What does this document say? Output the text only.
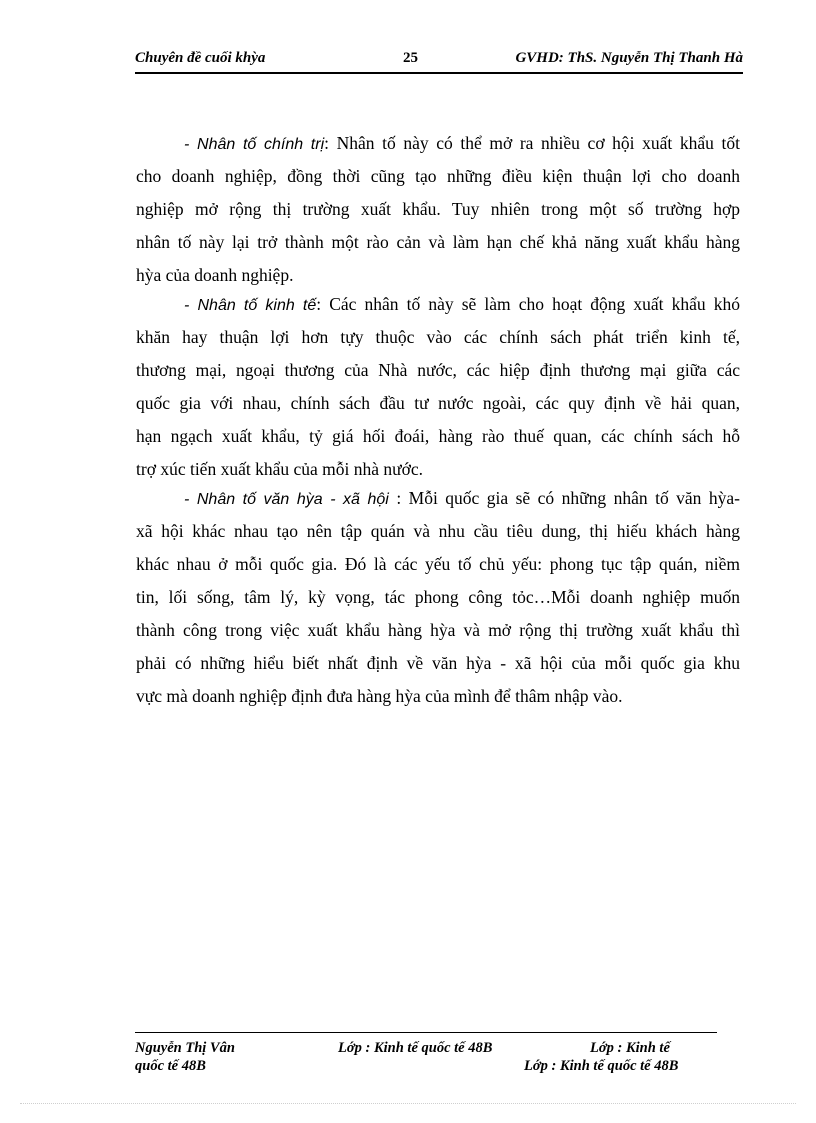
Chuyên đề cuối khỳa	25	GVHD: ThS. Nguyễn Thị Thanh Hà
- Nhân tố chính trị: Nhân tố này có thể mở ra nhiều cơ hội xuất khẩu tốt
cho doanh nghiệp, đồng thời cũng tạo những điều kiện thuận lợi cho doanh
nghiệp mở rộng thị trường xuất khẩu. Tuy nhiên trong một số trường hợp
nhân tố này lại trở thành một rào cản và làm hạn chế khả năng xuất khẩu hàng
hỳa của doanh nghiệp.
- Nhân tố kinh tế: Các nhân tố này sẽ làm cho hoạt động xuất khẩu khó
khăn hay thuận lợi hơn tựy thuộc vào các chính sách phát triển kinh tế,
thương mại, ngoại thương của Nhà nước, các hiệp định thương mại giữa các
quốc gia với nhau, chính sách đầu tư nước ngoài, các quy định về hải quan,
hạn ngạch xuất khẩu, tỷ giá hối đoái, hàng rào thuế quan, các chính sách hỗ
trợ xúc tiến xuất khẩu của mỗi nhà nước.
- Nhân tố văn hỳa - xã hội : Mỗi quốc gia sẽ có những nhân tố văn hỳa-
xã hội khác nhau tạo nên tập quán và nhu cầu tiêu dung, thị hiếu khách hàng
khác nhau ở mỗi quốc gia. Đó là các yếu tố chủ yếu: phong tục tập quán, niềm
tin, lối sống, tâm lý, kỳ vọng, tác phong công tỏc…Mỗi doanh nghiệp muốn
thành công trong việc xuất khẩu hàng hỳa và mở rộng thị trường xuất khẩu thì
phải có những hiểu biết nhất định về văn hỳa - xã hội của mỗi quốc gia khu
vực mà doanh nghiệp định đưa hàng hỳa của mình để thâm nhập vào.
Nguyễn Thị Vân	Lớp : Kinh tế quốc tế 48B	Lớp : Kinh tế
quốc tế 48B	Lớp : Kinh tế quốc tế 48B
